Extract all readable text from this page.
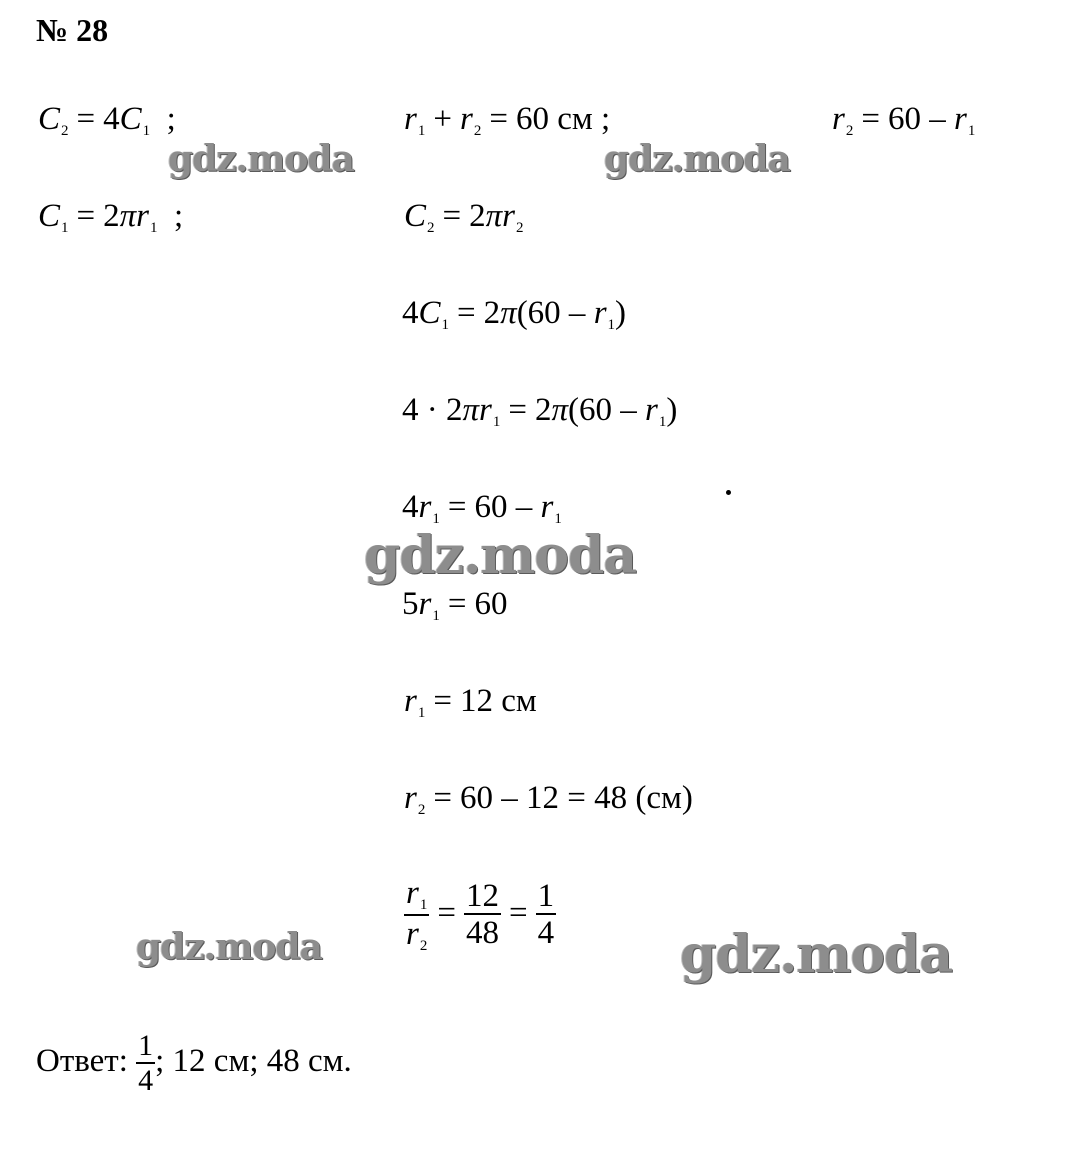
№ 28
$C_2 = 4C_1$  ;	$r_1 + r_2 = 60$ см ;	$r_2 = 60 - r_1$
$C_1 = 2\pi r_1$  ;	$C_2 = 2\pi r_2$
$4C_1 = 2\pi(60 - r_1)$
$4 \cdot 2\pi r_1 = 2\pi(60 - r_1)$
$4r_1 = 60 - r_1$
$5r_1 = 60$
$r_1 = 12$ см
$r_2 = 60 - 12 = 48$ (см)
$\frac{r_1}{r_2} = \frac{12}{48} = \frac{1}{4}$
Ответ: $\frac{1}{4}$ ; 12 см; 48 см.
gdz.moda	gdz.moda
gdz.moda
gdz.moda	gdz.moda
